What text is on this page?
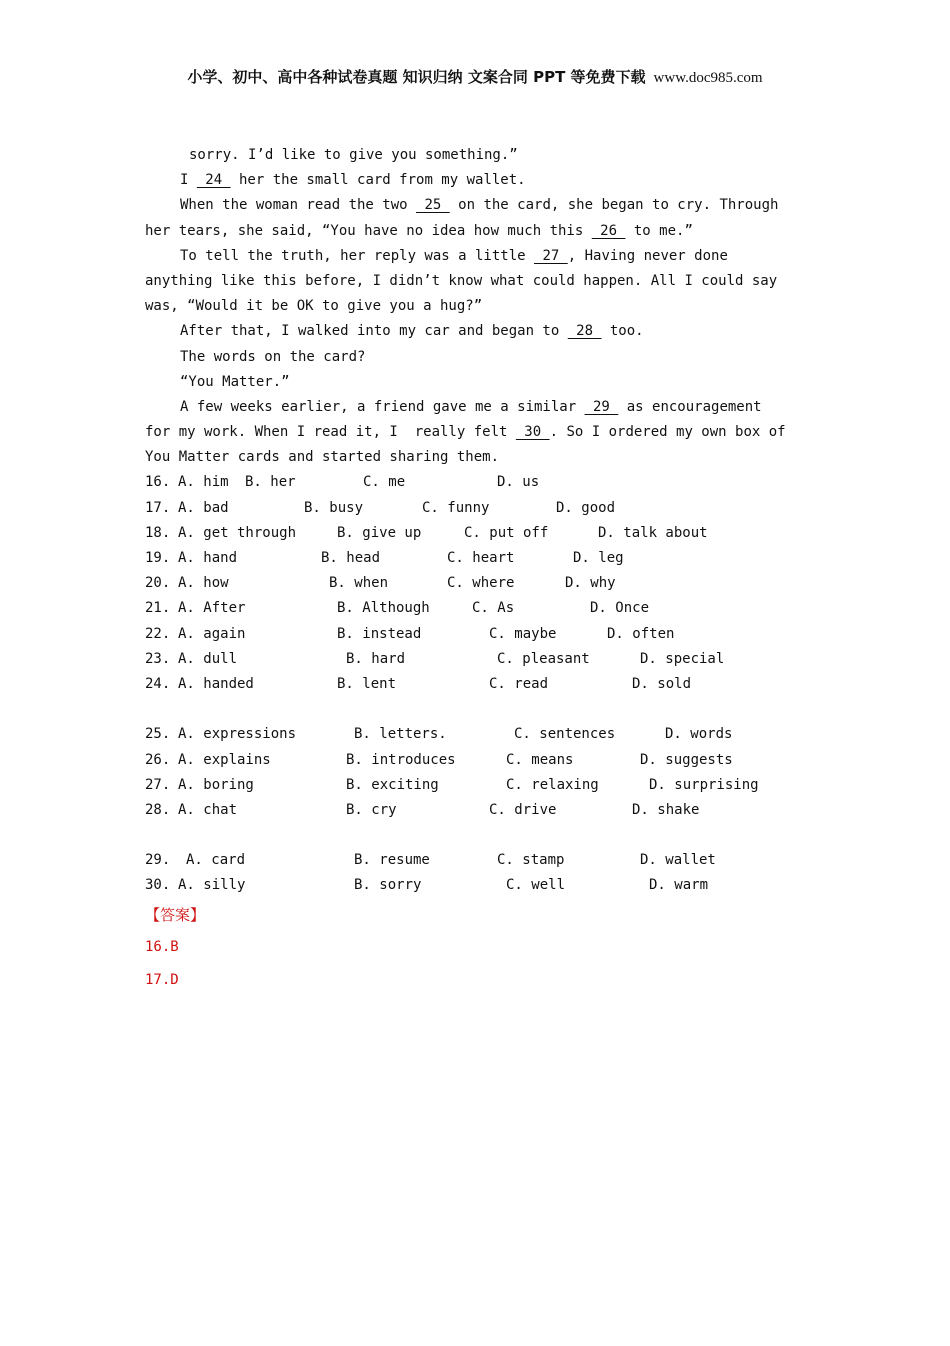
小学、初中、高中各种试卷真题 知识归纳 文案合同 PPT 等免费下载 www.doc985.com
sorry. I’d like to give you something.”
I  24  her the small card from my wallet.
When the woman read the two  25  on the card, she began to cry. Through
her tears, she said, “You have no idea how much this  26  to me.”
To tell the truth, her reply was a little  27 , Having never done
anything like this before, I didn’t know what could happen. All I could say
was, “Would it be OK to give you a hug?”
After that, I walked into my car and began to  28  too.
The words on the card?
“You Matter.”
A few weeks earlier, a friend gave me a similar  29  as encouragement
for my work. When I read it, I  really felt  30 . So I ordered my own box of
You Matter cards and started sharing them.
16. A. him B. her	C. me	D. us
17. A. bad	B. busy	C. funny	D. good
18. A. get through	B. give up	C. put off	D. talk about
19. A. hand	B. head	C. heart	D. leg
20. A. how	B. when	C. where	D. why
21. A. After	B. Although	C. As	D. Once
22. A. again	B. instead	C. maybe	D. often
23. A. dull	B. hard	C. pleasant	D. special
24. A. handed	B. lent	C. read	D. sold
25. A. expressions	B. letters.	C. sentences	D. words
26. A. explains	B. introduces	C. means	D. suggests
27. A. boring	B. exciting	C. relaxing	D. surprising
28. A. chat	B. cry	C. drive	D. shake
29. A. card	B. resume	C. stamp	D. wallet
30. A. silly	B. sorry	C. well	D. warm
【答案】
16.B
17.D
